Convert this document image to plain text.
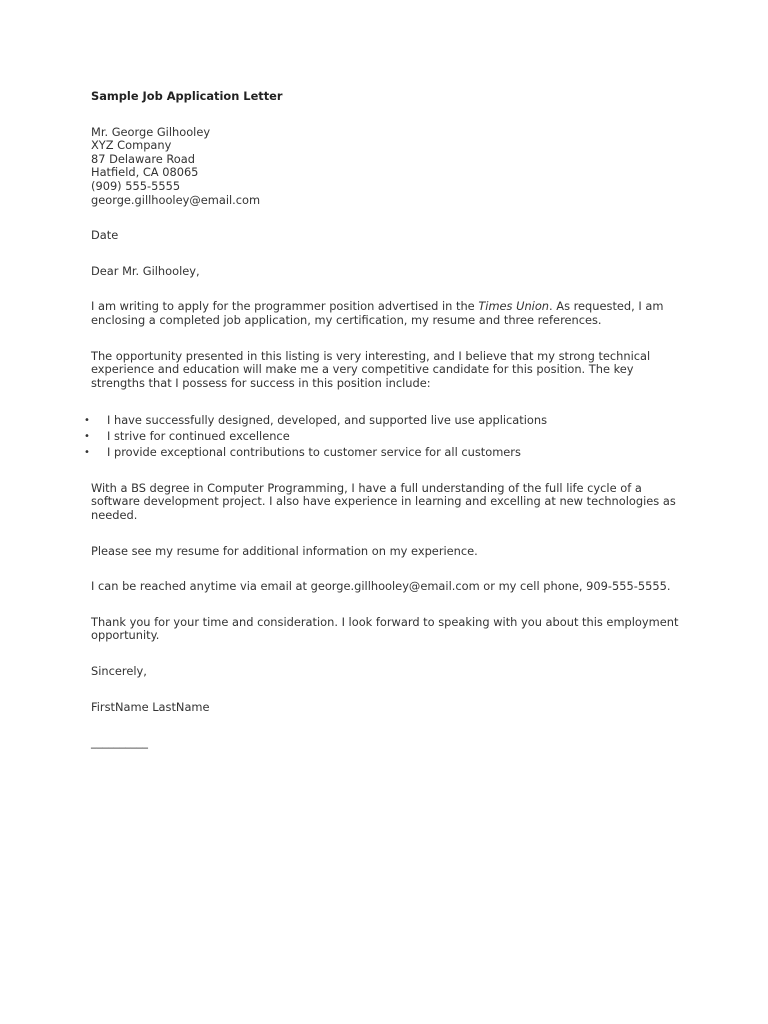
Sample Job Application Letter
Mr. George Gilhooley
XYZ Company
87 Delaware Road
Hatfield, CA 08065
(909) 555-5555
george.gillhooley@email.com
Date
Dear Mr. Gilhooley,
I am writing to apply for the programmer position advertised in the Times Union. As requested, I am enclosing a completed job application, my certification, my resume and three references.
The opportunity presented in this listing is very interesting, and I believe that my strong technical experience and education will make me a very competitive candidate for this position. The key strengths that I possess for success in this position include:
• I have successfully designed, developed, and supported live use applications
• I strive for continued excellence
• I provide exceptional contributions to customer service for all customers
With a BS degree in Computer Programming, I have a full understanding of the full life cycle of a software development project. I also have experience in learning and excelling at new technologies as needed.
Please see my resume for additional information on my experience.
I can be reached anytime via email at george.gillhooley@email.com or my cell phone, 909-555-5555.
Thank you for your time and consideration. I look forward to speaking with you about this employment opportunity.
Sincerely,
FirstName LastName
__________
